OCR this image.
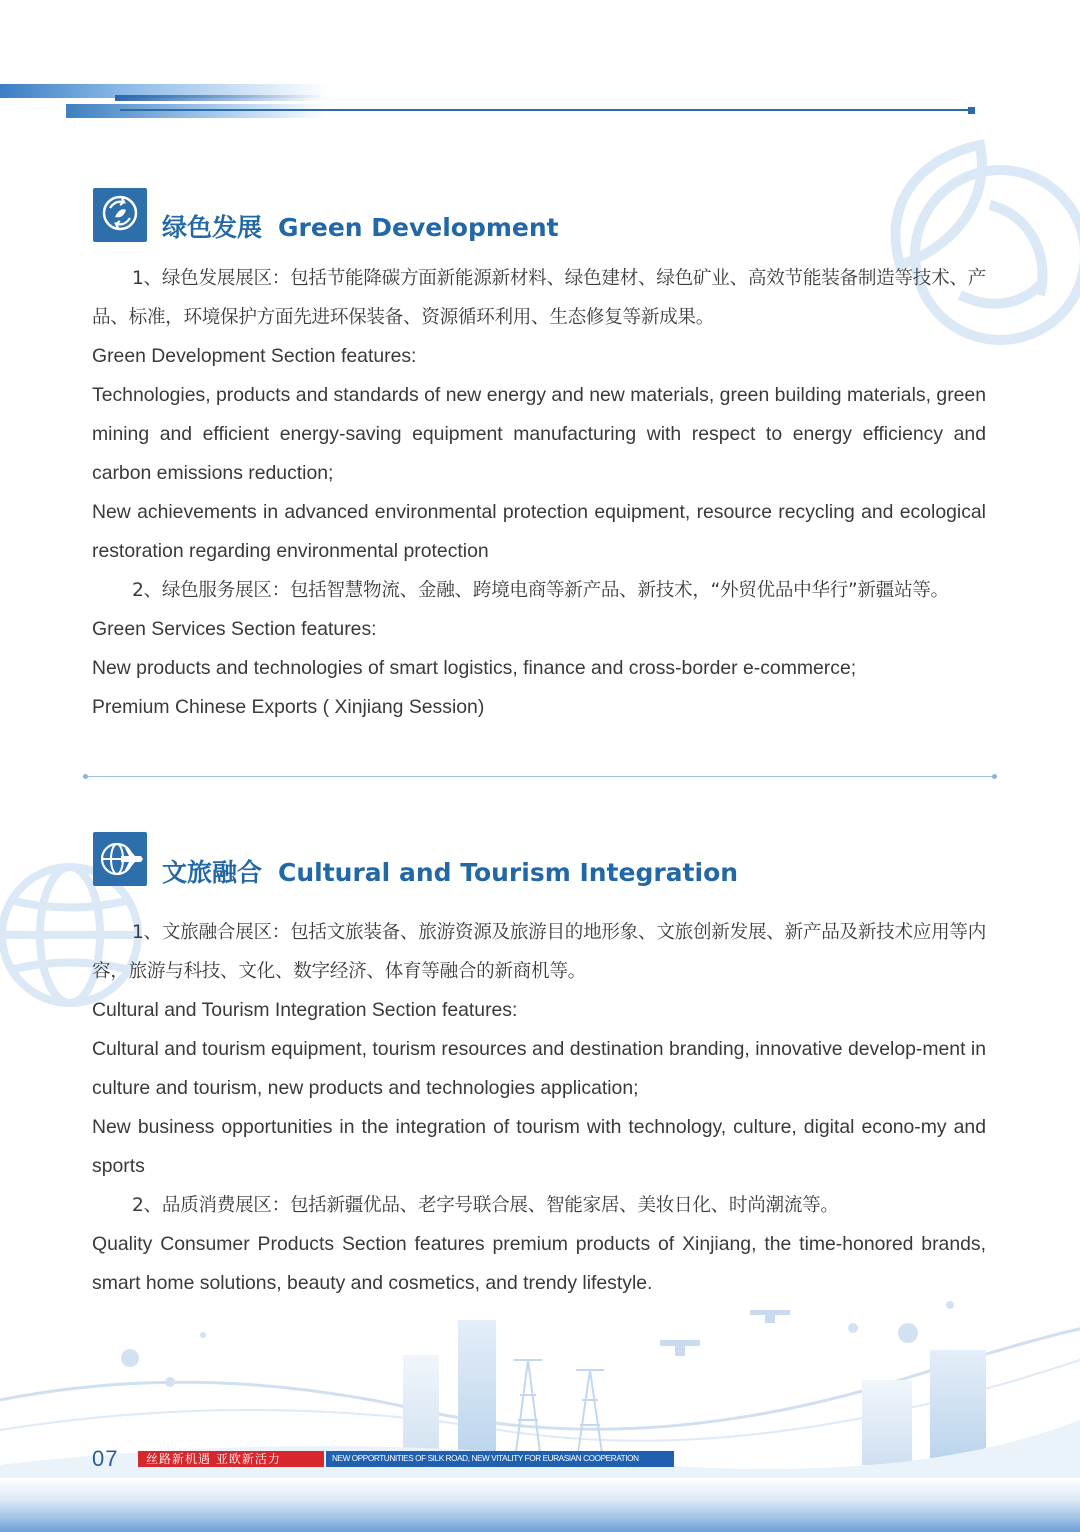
绿色发展 Green Development

1、绿色发展展区：包括节能降碳方面新能源新材料、绿色建材、绿色矿业、高效节能装备制造等技术、产品、标准，环境保护方面先进环保装备、资源循环利用、生态修复等新成果。

Green Development Section features:

Technologies, products and standards of new energy and new materials, green building materials, green mining and efficient energy-saving equipment manufacturing with respect to energy efficiency and carbon emissions reduction;

New achievements in advanced environmental protection equipment, resource recycling and ecological restoration regarding environmental protection

2、绿色服务展区：包括智慧物流、金融、跨境电商等新产品、新技术，“外贸优品中华行”新疆站等。

Green Services Section features:

New products and technologies of smart logistics, finance and cross-border e-commerce;

Premium Chinese Exports ( Xinjiang Session)

文旅融合 Cultural and Tourism Integration

1、文旅融合展区：包括文旅装备、旅游资源及旅游目的地形象、文旅创新发展、新产品及新技术应用等内容，旅游与科技、文化、数字经济、体育等融合的新商机等。

Cultural and Tourism Integration Section features:

Cultural and tourism equipment, tourism resources and destination branding, innovative develop-ment in culture and tourism, new products and technologies application;

New business opportunities in the integration of tourism with technology, culture, digital econo-my and sports

2、品质消费展区：包括新疆优品、老字号联合展、智能家居、美妆日化、时尚潮流等。

Quality Consumer Products Section features premium products of Xinjiang, the time-honored brands, smart home solutions, beauty and cosmetics, and trendy lifestyle.

07	丝路新机遇 亚欧新活力	NEW OPPORTUNITIES OF SILK ROAD, NEW VITALITY FOR EURASIAN COOPERATION
